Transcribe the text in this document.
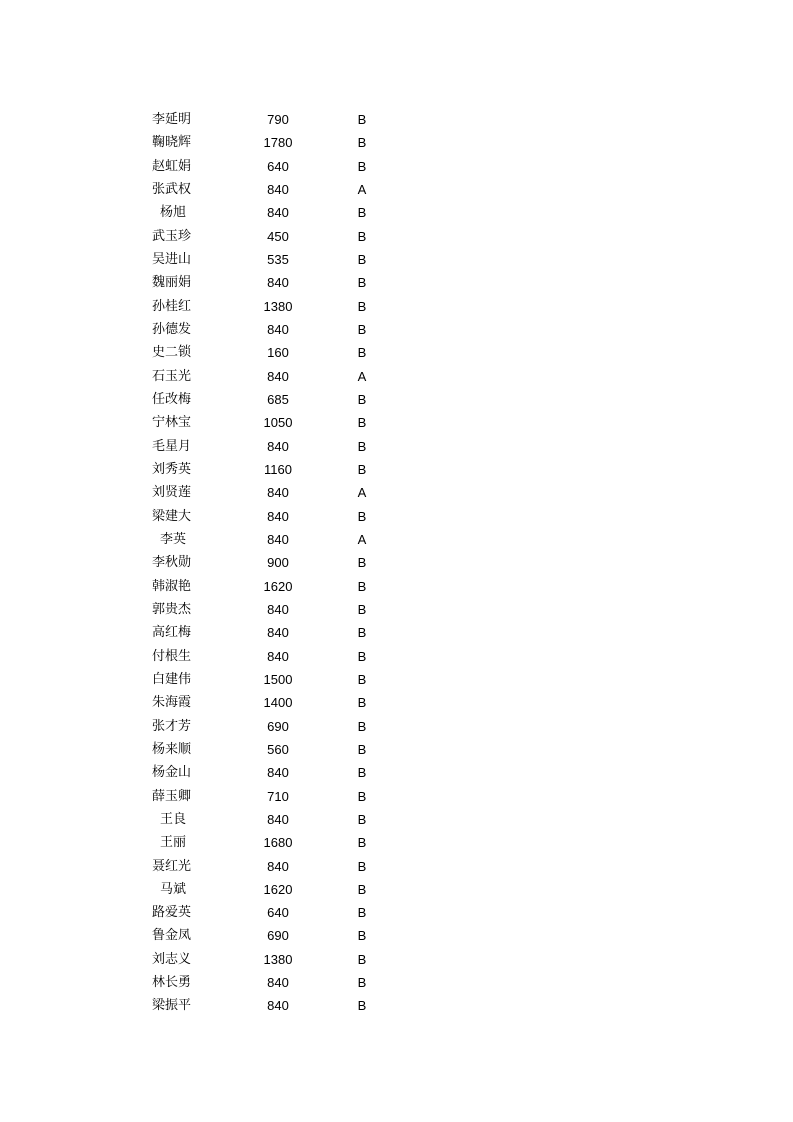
李延明	790	B
鞠晓辉	1780	B
赵虹娟	640	B
张武权	840	A
杨旭	840	B
武玉珍	450	B
吴进山	535	B
魏丽娟	840	B
孙桂红	1380	B
孙德发	840	B
史二锁	160	B
石玉光	840	A
任改梅	685	B
宁林宝	1050	B
毛星月	840	B
刘秀英	1160	B
刘贤莲	840	A
梁建大	840	B
李英	840	A
李秋勋	900	B
韩淑艳	1620	B
郭贵杰	840	B
高红梅	840	B
付根生	840	B
白建伟	1500	B
朱海霞	1400	B
张才芳	690	B
杨来顺	560	B
杨金山	840	B
薛玉卿	710	B
王良	840	B
王丽	1680	B
聂红光	840	B
马斌	1620	B
路爱英	640	B
鲁金凤	690	B
刘志义	1380	B
林长勇	840	B
梁振平	840	B
